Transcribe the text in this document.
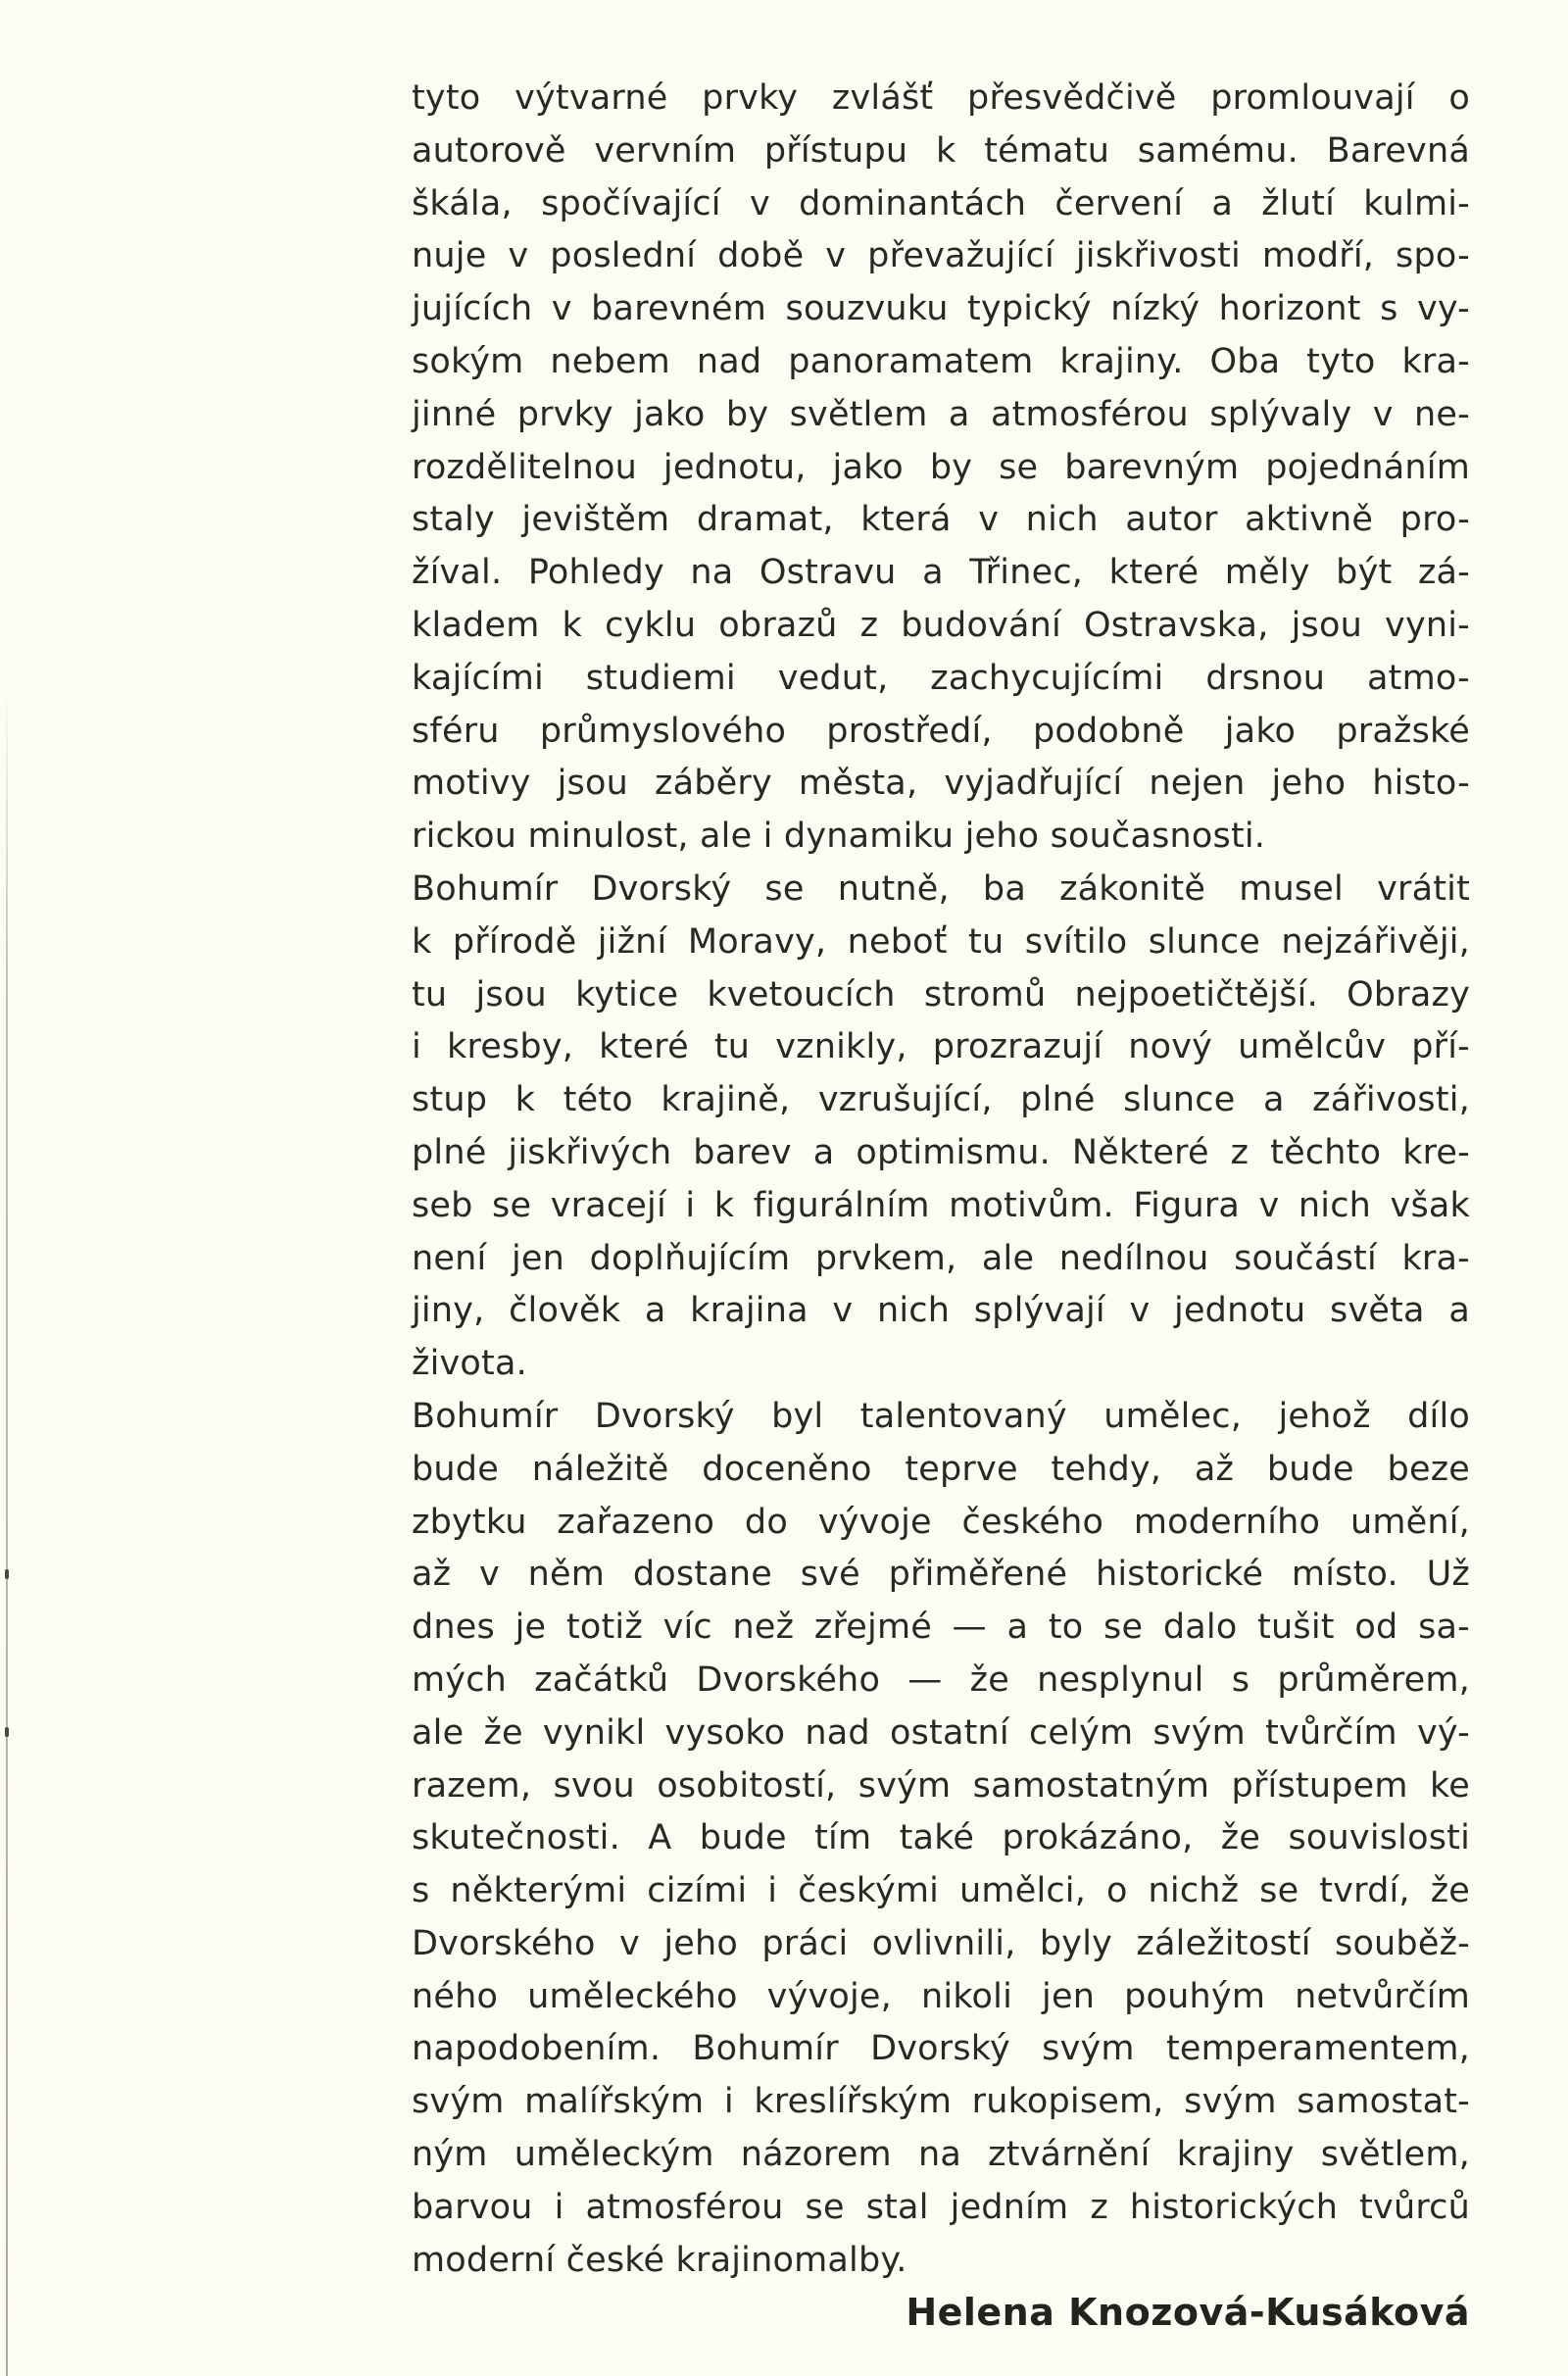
tyto výtvarné prvky zvlášť přesvědčivě promlouvají o
autorově vervním přístupu k tématu samému. Barevná
škála, spočívající v dominantách červení a žlutí kulmi-
nuje v poslední době v převažující jiskřivosti modří, spo-
jujících v barevném souzvuku typický nízký horizont s vy-
sokým nebem nad panoramatem krajiny. Oba tyto kra-
jinné prvky jako by světlem a atmosférou splývaly v ne-
rozdělitelnou jednotu, jako by se barevným pojednáním
staly jevištěm dramat, která v nich autor aktivně pro-
žíval. Pohledy na Ostravu a Třinec, které měly být zá-
kladem k cyklu obrazů z budování Ostravska, jsou vyni-
kajícími studiemi vedut, zachycujícími drsnou atmo-
sféru průmyslového prostředí, podobně jako pražské
motivy jsou záběry města, vyjadřující nejen jeho histo-
rickou minulost, ale i dynamiku jeho současnosti.
Bohumír Dvorský se nutně, ba zákonitě musel vrátit
k přírodě jižní Moravy, neboť tu svítilo slunce nejzářivěji,
tu jsou kytice kvetoucích stromů nejpoetičtější. Obrazy
i kresby, které tu vznikly, prozrazují nový umělcův pří-
stup k této krajině, vzrušující, plné slunce a zářivosti,
plné jiskřivých barev a optimismu. Některé z těchto kre-
seb se vracejí i k figurálním motivům. Figura v nich však
není jen doplňujícím prvkem, ale nedílnou součástí kra-
jiny, člověk a krajina v nich splývají v jednotu světa a
života.
Bohumír Dvorský byl talentovaný umělec, jehož dílo
bude náležitě doceněno teprve tehdy, až bude beze
zbytku zařazeno do vývoje českého moderního umění,
až v něm dostane své přiměřené historické místo. Už
dnes je totiž víc než zřejmé — a to se dalo tušit od sa-
mých začátků Dvorského — že nesplynul s průměrem,
ale že vynikl vysoko nad ostatní celým svým tvůrčím vý-
razem, svou osobitostí, svým samostatným přístupem ke
skutečnosti. A bude tím také prokázáno, že souvislosti
s některými cizími i českými umělci, o nichž se tvrdí, že
Dvorského v jeho práci ovlivnili, byly záležitostí souběž-
ného uměleckého vývoje, nikoli jen pouhým netvůrčím
napodobením. Bohumír Dvorský svým temperamentem,
svým malířským i kreslířským rukopisem, svým samostat-
ným uměleckým názorem na ztvárnění krajiny světlem,
barvou i atmosférou se stal jedním z historických tvůrců
moderní české krajinomalby.
Helena Knozová-Kusáková
